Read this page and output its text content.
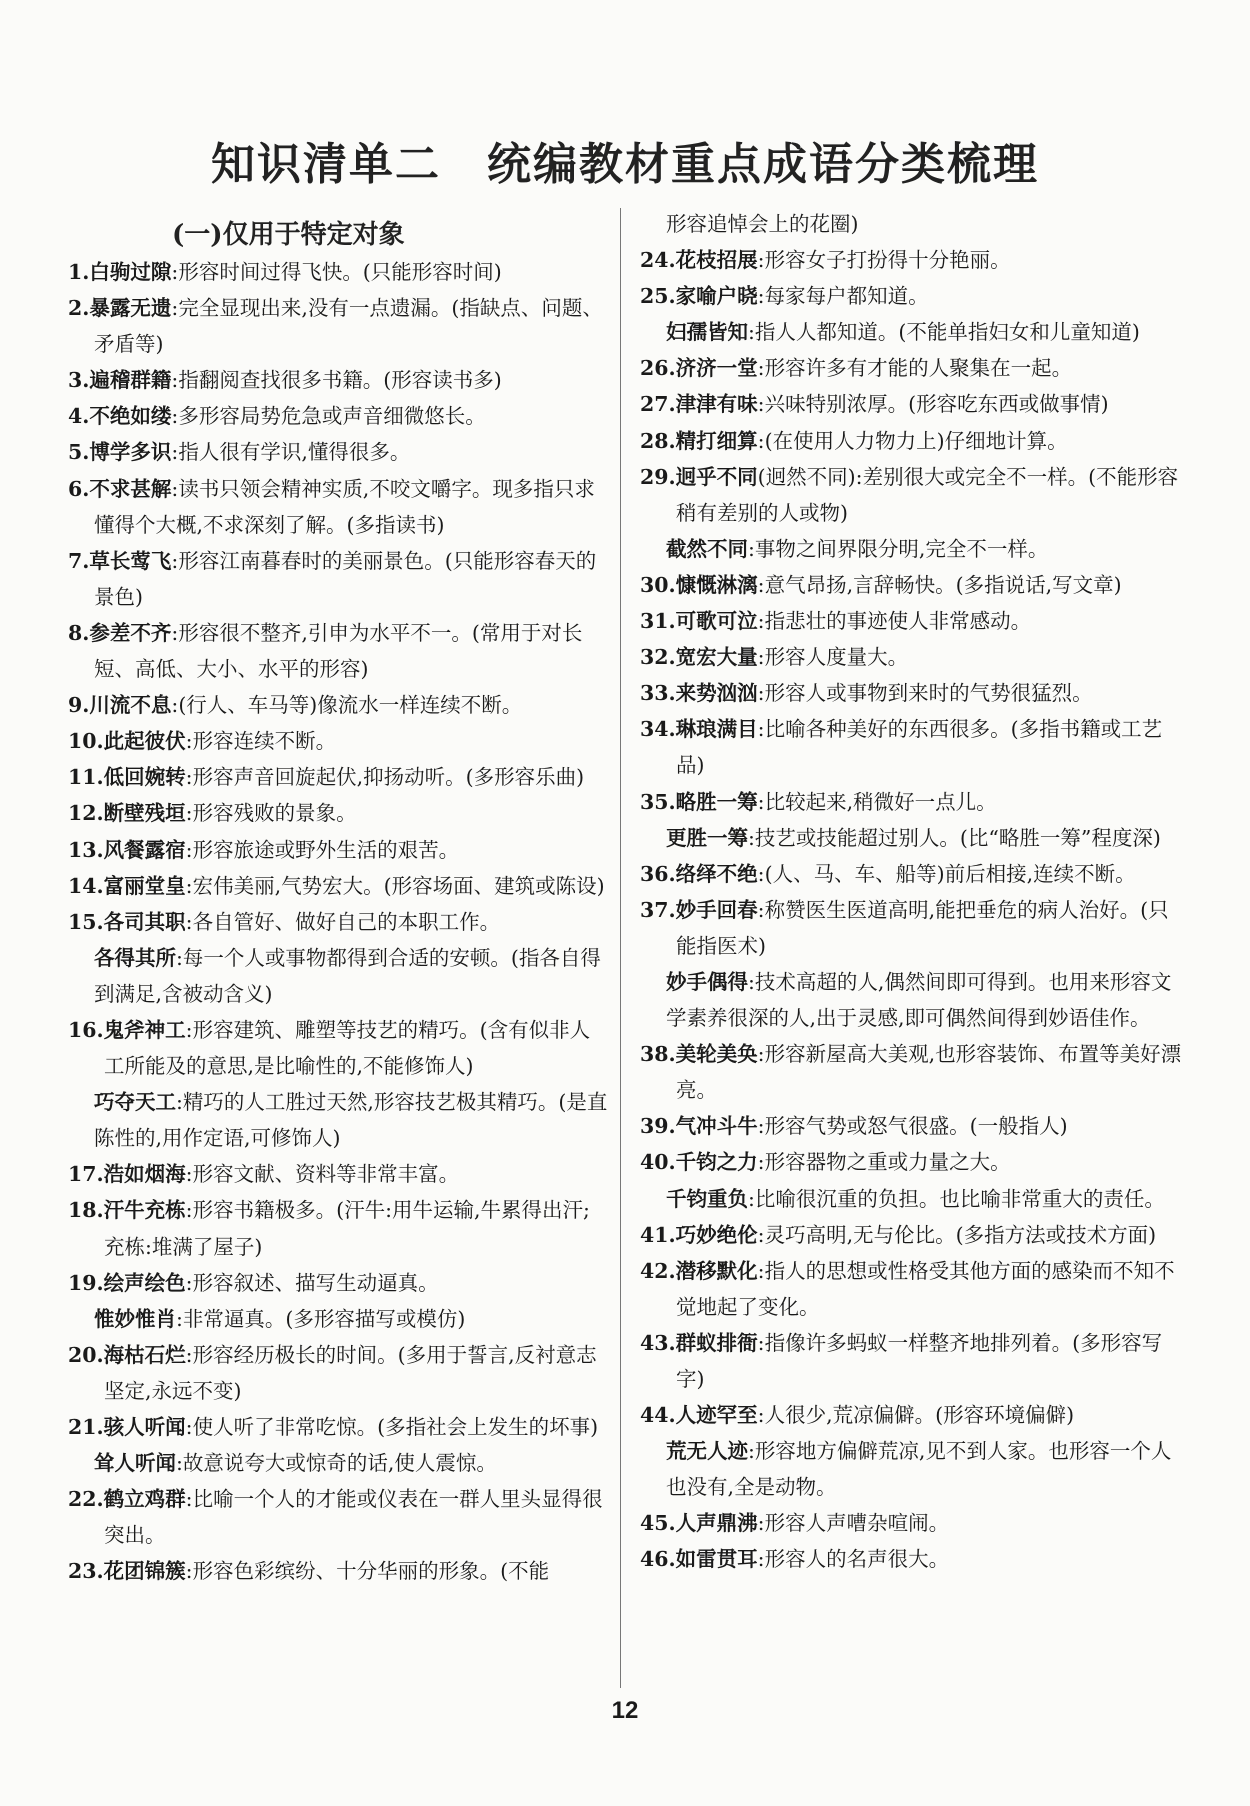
知识清单二　统编教材重点成语分类梳理
(一)仅用于特定对象

1.白驹过隙:形容时间过得飞快。(只能形容时间)

2.暴露无遗:完全显现出来,没有一点遗漏。(指缺点、问题、矛盾等)

3.遍稽群籍:指翻阅查找很多书籍。(形容读书多)

4.不绝如缕:多形容局势危急或声音细微悠长。

5.博学多识:指人很有学识,懂得很多。

6.不求甚解:读书只领会精神实质,不咬文嚼字。现多指只求懂得个大概,不求深刻了解。(多指读书)

7.草长莺飞:形容江南暮春时的美丽景色。(只能形容春天的景色)

8.参差不齐:形容很不整齐,引申为水平不一。(常用于对长短、高低、大小、水平的形容)

9.川流不息:(行人、车马等)像流水一样连续不断。

10.此起彼伏:形容连续不断。

11.低回婉转:形容声音回旋起伏,抑扬动听。(多形容乐曲)

12.断壁残垣:形容残败的景象。

13.风餐露宿:形容旅途或野外生活的艰苦。

14.富丽堂皇:宏伟美丽,气势宏大。(形容场面、建筑或陈设)

15.各司其职:各自管好、做好自己的本职工作。

各得其所:每一个人或事物都得到合适的安顿。(指各自得到满足,含被动含义)

16.鬼斧神工:形容建筑、雕塑等技艺的精巧。(含有似非人工所能及的意思,是比喻性的,不能修饰人)

巧夺天工:精巧的人工胜过天然,形容技艺极其精巧。(是直陈性的,用作定语,可修饰人)

17.浩如烟海:形容文献、资料等非常丰富。

18.汗牛充栋:形容书籍极多。(汗牛:用牛运输,牛累得出汗;充栋:堆满了屋子)

19.绘声绘色:形容叙述、描写生动逼真。

惟妙惟肖:非常逼真。(多形容描写或模仿)

20.海枯石烂:形容经历极长的时间。(多用于誓言,反衬意志坚定,永远不变)

21.骇人听闻:使人听了非常吃惊。(多指社会上发生的坏事)

耸人听闻:故意说夸大或惊奇的话,使人震惊。

22.鹤立鸡群:比喻一个人的才能或仪表在一群人里头显得很突出。

23.花团锦簇:形容色彩缤纷、十分华丽的形象。(不能

形容追悼会上的花圈)

24.花枝招展:形容女子打扮得十分艳丽。

25.家喻户晓:每家每户都知道。

妇孺皆知:指人人都知道。(不能单指妇女和儿童知道)

26.济济一堂:形容许多有才能的人聚集在一起。

27.津津有味:兴味特别浓厚。(形容吃东西或做事情)

28.精打细算:(在使用人力物力上)仔细地计算。

29.迥乎不同(迥然不同):差别很大或完全不一样。(不能形容稍有差别的人或物)

截然不同:事物之间界限分明,完全不一样。

30.慷慨淋漓:意气昂扬,言辞畅快。(多指说话,写文章)

31.可歌可泣:指悲壮的事迹使人非常感动。

32.宽宏大量:形容人度量大。

33.来势汹汹:形容人或事物到来时的气势很猛烈。

34.琳琅满目:比喻各种美好的东西很多。(多指书籍或工艺品)

35.略胜一筹:比较起来,稍微好一点儿。

更胜一筹:技艺或技能超过别人。(比“略胜一筹”程度深)

36.络绎不绝:(人、马、车、船等)前后相接,连续不断。

37.妙手回春:称赞医生医道高明,能把垂危的病人治好。(只能指医术)

妙手偶得:技术高超的人,偶然间即可得到。也用来形容文学素养很深的人,出于灵感,即可偶然间得到妙语佳作。

38.美轮美奂:形容新屋高大美观,也形容装饰、布置等美好漂亮。

39.气冲斗牛:形容气势或怒气很盛。(一般指人)

40.千钧之力:形容器物之重或力量之大。

千钧重负:比喻很沉重的负担。也比喻非常重大的责任。

41.巧妙绝伦:灵巧高明,无与伦比。(多指方法或技术方面)

42.潜移默化:指人的思想或性格受其他方面的感染而不知不觉地起了变化。

43.群蚁排衙:指像许多蚂蚁一样整齐地排列着。(多形容写字)

44.人迹罕至:人很少,荒凉偏僻。(形容环境偏僻)

荒无人迹:形容地方偏僻荒凉,见不到人家。也形容一个人也没有,全是动物。

45.人声鼎沸:形容人声嘈杂喧闹。

46.如雷贯耳:形容人的名声很大。

12
